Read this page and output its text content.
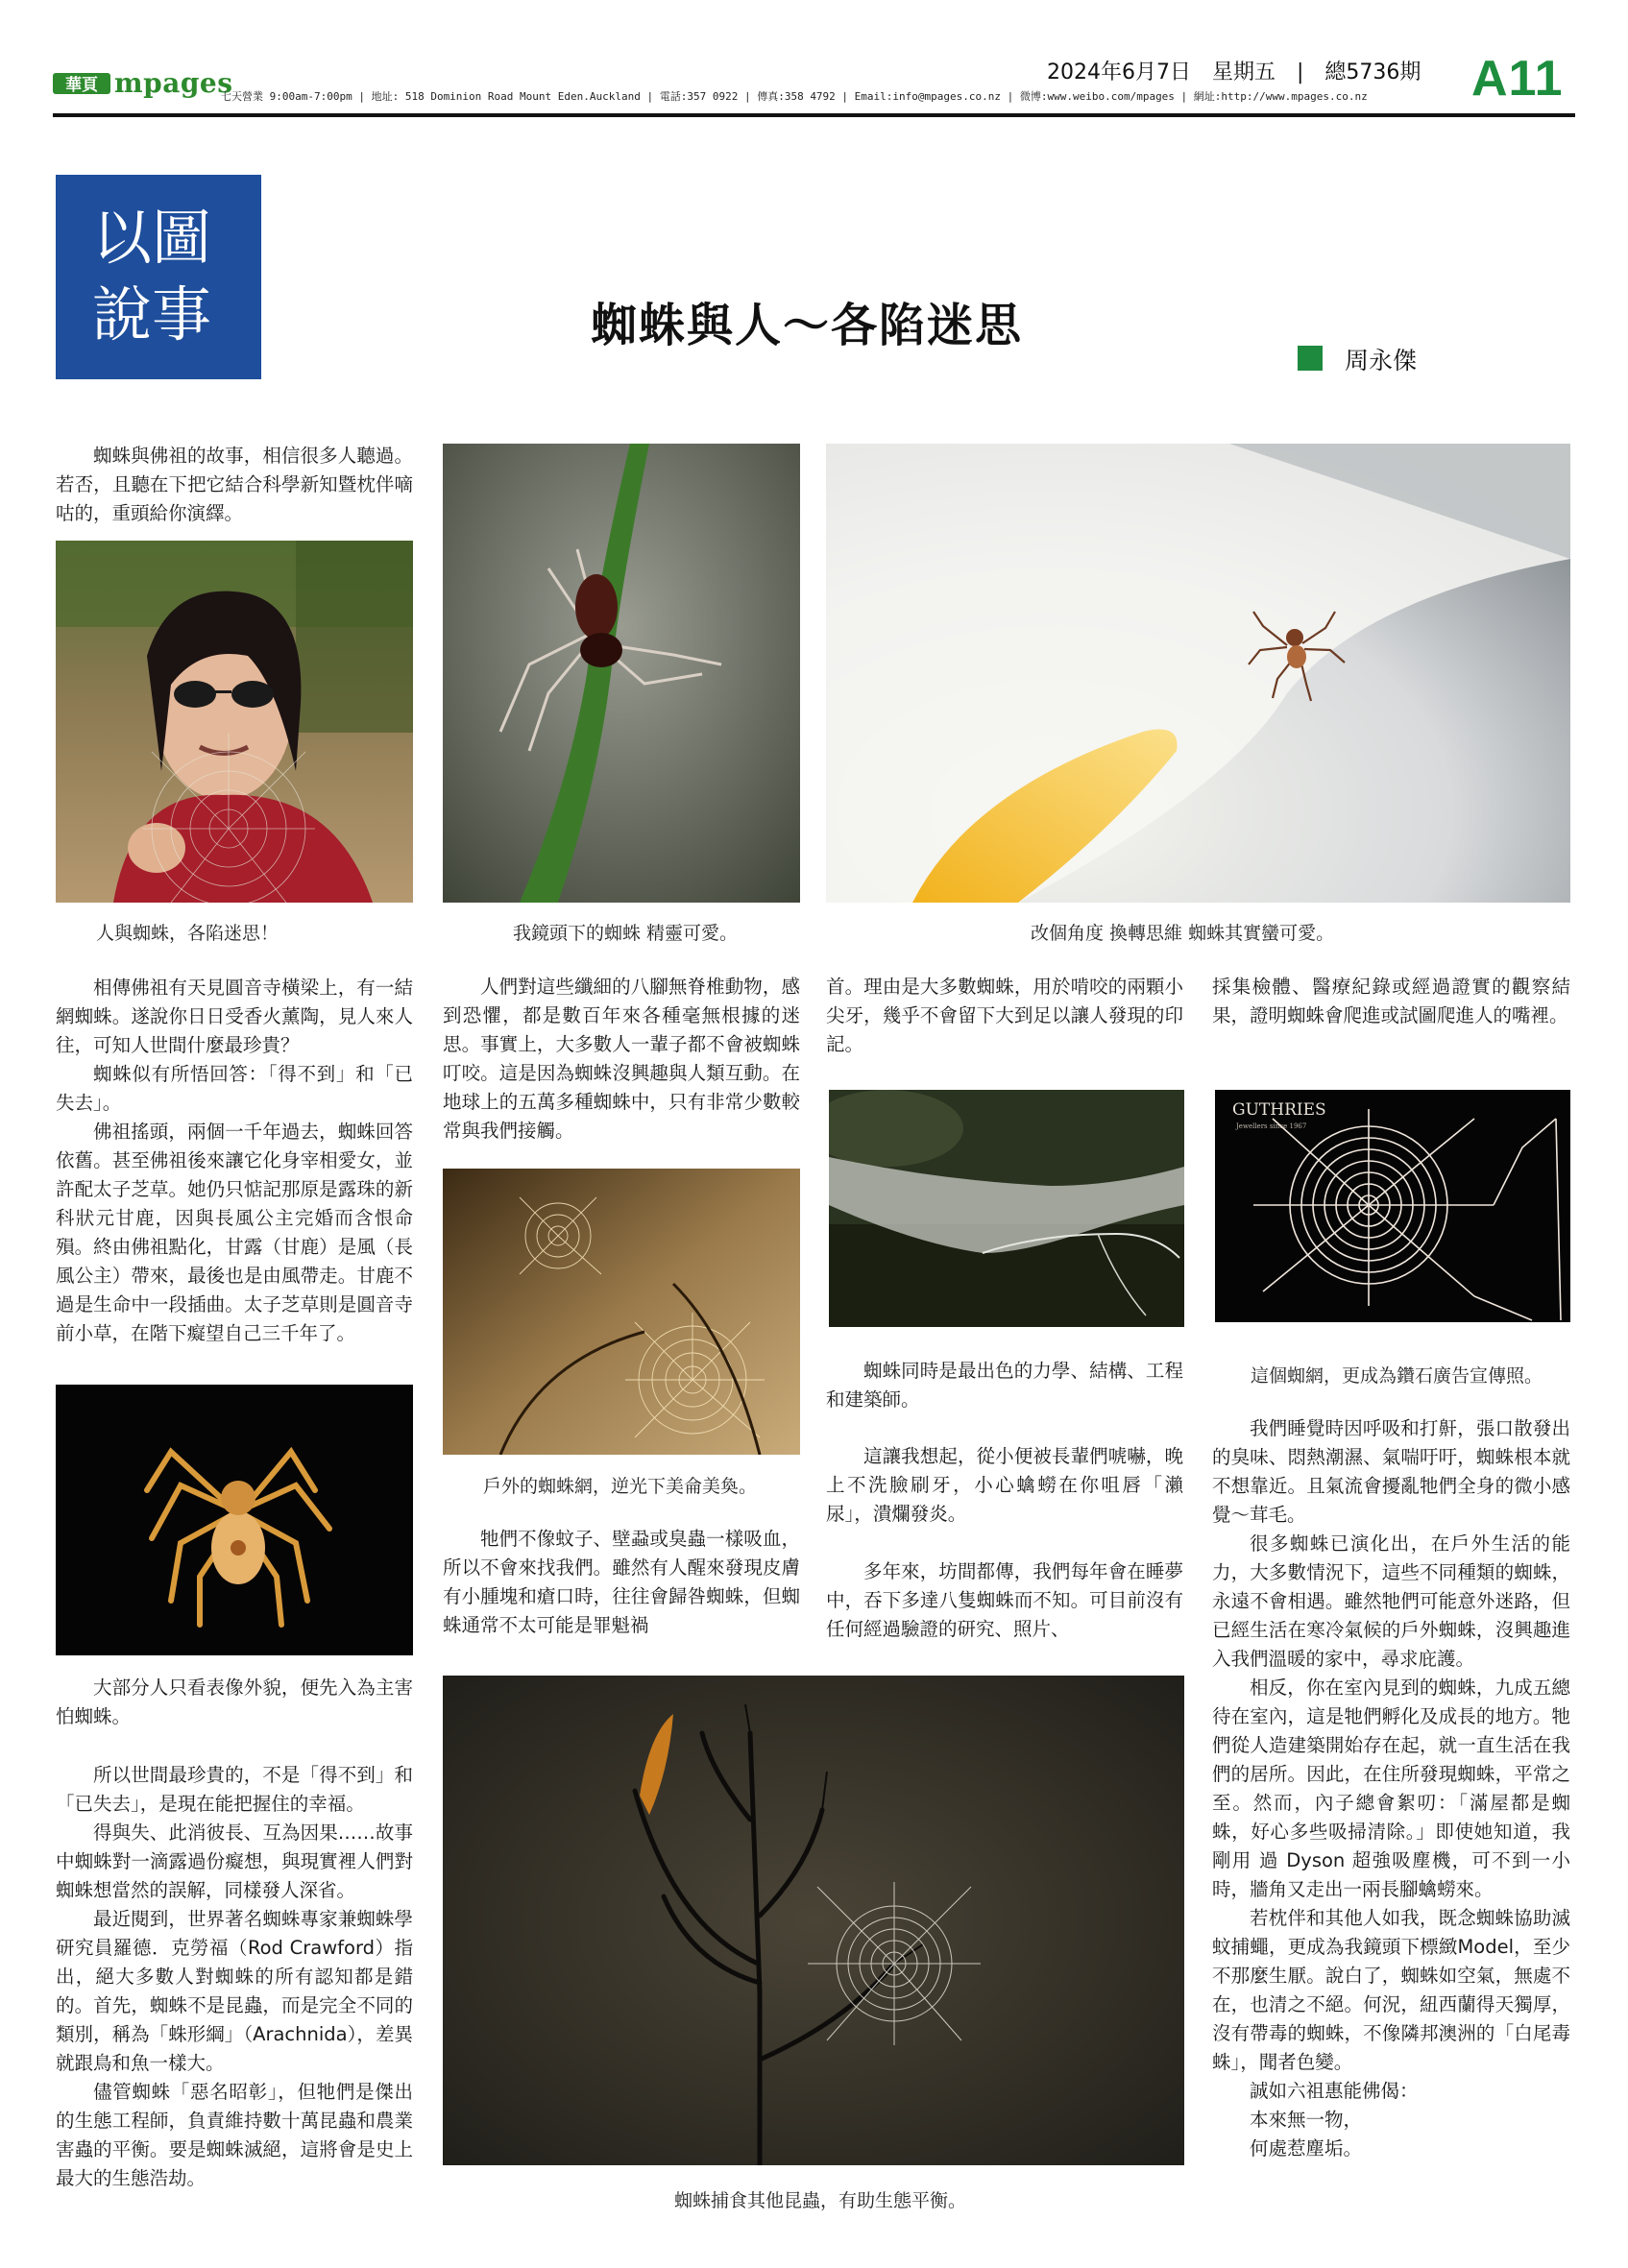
華頁 mpages
七天營業 9:00am-7:00pm | 地址: 518 Dominion Road Mount Eden.Auckland | 電話:357 0922 | 傳真:358 4792 | Email:info@mpages.co.nz | 微博:www.weibo.com/mpages | 網址:http://www.mpages.co.nz
2024年6月7日　星期五　|　總5736期 A11
以圖
說事	蜘蛛與人～各陷迷思
周永傑

蜘蛛與佛祖的故事，相信很多人聽過。若否，且聽在下把它結合科學新知暨枕伴嘀咕的，重頭給你演繹。

人與蜘蛛，各陷迷思！

相傳佛祖有天見圓音寺橫梁上，有一結網蜘蛛。遂說你日日受香火薰陶，見人來人往，可知人世間什麼最珍貴？

蜘蛛似有所悟回答：「得不到」和「已失去」。

佛祖搖頭，兩個一千年過去，蜘蛛回答依舊。甚至佛祖後來讓它化身宰相愛女，並許配太子芝草。她仍只惦記那原是露珠的新科狀元甘鹿，因與長風公主完婚而含恨命殞。終由佛祖點化，甘露（甘鹿）是風（長風公主）帶來，最後也是由風帶走。甘鹿不過是生命中一段插曲。太子芝草則是圓音寺前小草，在階下癡望自己三千年了。

大部分人只看表像外貌，便先入為主害怕蜘蛛。

所以世間最珍貴的，不是「得不到」和「已失去」，是現在能把握住的幸福。

得與失、此消彼長、互為因果……故事中蜘蛛對一滴露過份癡想，與現實裡人們對蜘蛛想當然的誤解，同樣發人深省。

最近閱到，世界著名蜘蛛專家兼蜘蛛學研究員羅德．克勞福（Rod Crawford）指出，絕大多數人對蜘蛛的所有認知都是錯的。首先，蜘蛛不是昆蟲，而是完全不同的類別，稱為「蛛形綱」（Arachnida），差異就跟鳥和魚一樣大。

儘管蜘蛛「惡名昭彰」，但牠們是傑出的生態工程師，負責維持數十萬昆蟲和農業害蟲的平衡。要是蜘蛛滅絕，這將會是史上最大的生態浩劫。

我鏡頭下的蜘蛛 精靈可愛。

人們對這些纖細的八腳無脊椎動物，感到恐懼，都是數百年來各種毫無根據的迷思。事實上，大多數人一輩子都不會被蜘蛛叮咬。這是因為蜘蛛沒興趣與人類互動。在地球上的五萬多種蜘蛛中，只有非常少數較常與我們接觸。

戶外的蜘蛛網，逆光下美侖美奐。

牠們不像蚊子、壁蝨或臭蟲一樣吸血，所以不會來找我們。雖然有人醒來發現皮膚有小腫塊和瘡口時，往往會歸咎蜘蛛，但蜘蛛通常不太可能是罪魁禍

改個角度 換轉思維 蜘蛛其實蠻可愛。

首。理由是大多數蜘蛛，用於啃咬的兩顆小尖牙，幾乎不會留下大到足以讓人發現的印記。

蜘蛛同時是最出色的力學、結構、工程和建築師。

這讓我想起，從小便被長輩們唬嚇，晚上不洗臉刷牙，小心蠄蟧在你咀唇「瀨尿」，潰爛發炎。

多年來，坊間都傳，我們每年會在睡夢中，吞下多達八隻蜘蛛而不知。可目前沒有任何經過驗證的研究、照片、

採集檢體、醫療紀錄或經過證實的觀察結果，證明蜘蛛會爬進或試圖爬進人的嘴裡。

GUTHRIES
Jewellers since 1967
這個蜘網，更成為鑽石廣告宣傳照。

我們睡覺時因呼吸和打鼾，張口散發出的臭味、悶熱潮濕、氣喘吁吁，蜘蛛根本就不想靠近。且氣流會擾亂牠們全身的微小感覺～茸毛。

很多蜘蛛已演化出，在戶外生活的能力，大多數情況下，這些不同種類的蜘蛛，永遠不會相遇。雖然牠們可能意外迷路，但已經生活在寒冷氣候的戶外蜘蛛，沒興趣進入我們溫暖的家中，尋求庇護。

相反，你在室內見到的蜘蛛，九成五總待在室內，這是牠們孵化及成長的地方。牠們從人造建築開始存在起，就一直生活在我們的居所。因此，在住所發現蜘蛛，平常之至。然而，內子總會絮叨：「滿屋都是蜘蛛，好心多些吸掃清除。」即使她知道，我剛用 過 Dyson 超強吸塵機，可不到一小時，牆角又走出一兩長腳蠄蟧來。

若枕伴和其他人如我，既念蜘蛛協助滅蚊捕蠅，更成為我鏡頭下標緻Model，至少不那麼生厭。說白了，蜘蛛如空氣，無處不在，也清之不絕。何況，紐西蘭得天獨厚，沒有帶毒的蜘蛛，不像隣邦澳洲的「白尾毒蛛」，聞者色變。

誠如六祖惠能佛偈：

本來無一物，

何處惹塵垢。

蜘蛛捕食其他昆蟲，有助生態平衡。
